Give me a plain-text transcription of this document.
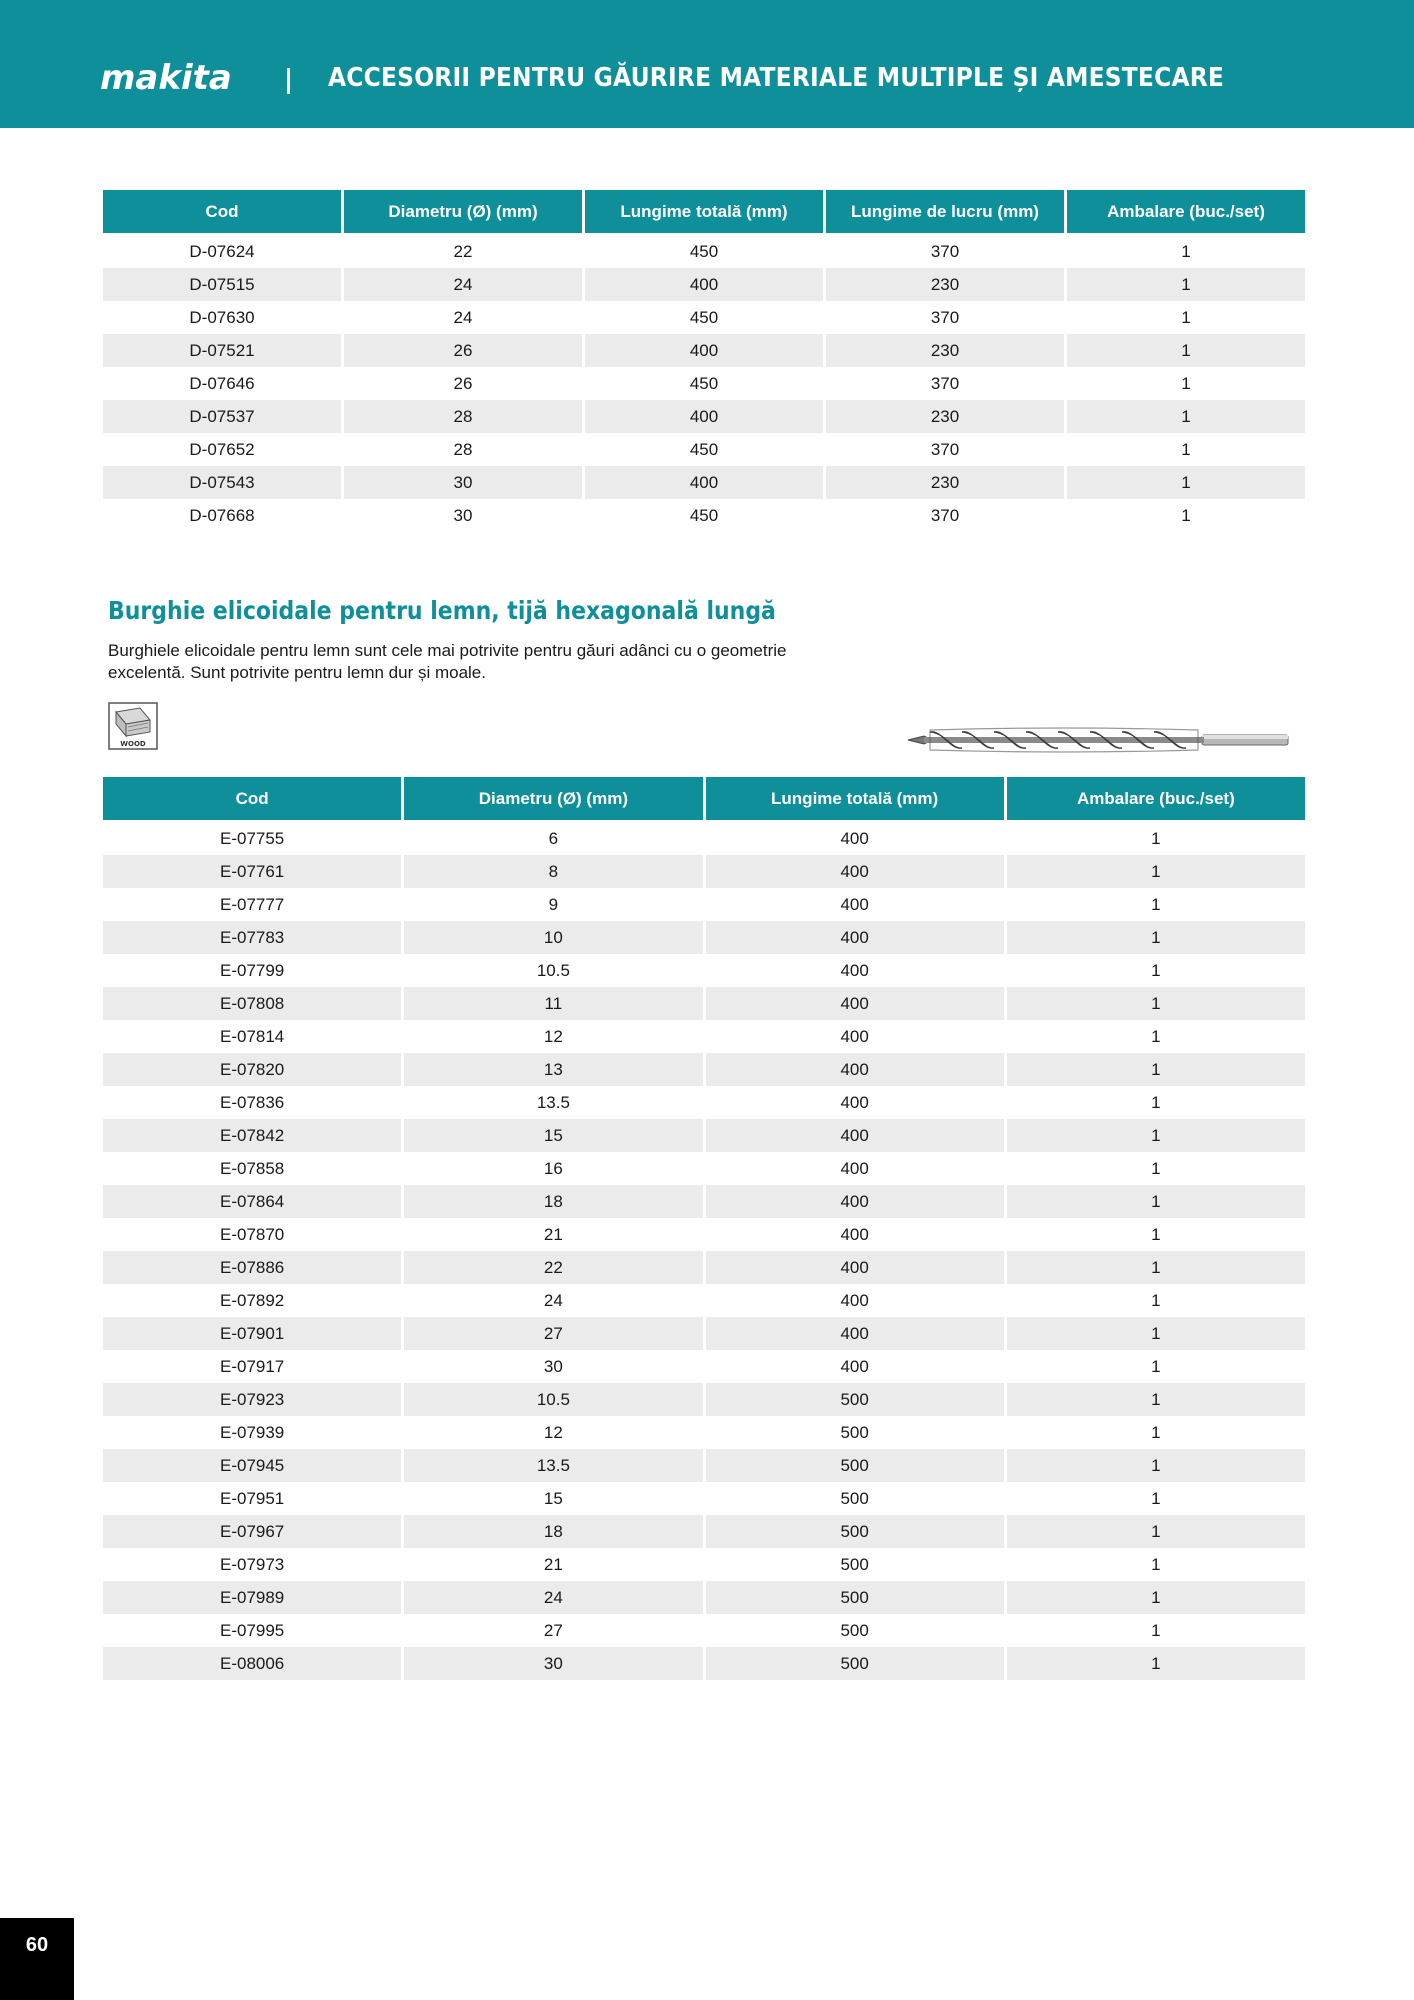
makita	ACCESORII PENTRU GĂURIRE MATERIALE MULTIPLE ȘI AMESTECARE
Cod	Diametru (Ø) (mm)	Lungime totală (mm)	Lungime de lucru (mm)	Ambalare (buc./set)
D-07624	22	450	370	1
D-07515	24	400	230	1
D-07630	24	450	370	1
D-07521	26	400	230	1
D-07646	26	450	370	1
D-07537	28	400	230	1
D-07652	28	450	370	1
D-07543	30	400	230	1
D-07668	30	450	370	1
Burghie elicoidale pentru lemn, tijă hexagonală lungă
Burghiele elicoidale pentru lemn sunt cele mai potrivite pentru găuri adânci cu o geometrie excelentă. Sunt potrivite pentru lemn dur și moale.
WOOD
Cod	Diametru (Ø) (mm)	Lungime totală (mm)	Ambalare (buc./set)
E-07755	6	400	1
E-07761	8	400	1
E-07777	9	400	1
E-07783	10	400	1
E-07799	10.5	400	1
E-07808	11	400	1
E-07814	12	400	1
E-07820	13	400	1
E-07836	13.5	400	1
E-07842	15	400	1
E-07858	16	400	1
E-07864	18	400	1
E-07870	21	400	1
E-07886	22	400	1
E-07892	24	400	1
E-07901	27	400	1
E-07917	30	400	1
E-07923	10.5	500	1
E-07939	12	500	1
E-07945	13.5	500	1
E-07951	15	500	1
E-07967	18	500	1
E-07973	21	500	1
E-07989	24	500	1
E-07995	27	500	1
E-08006	30	500	1
60
